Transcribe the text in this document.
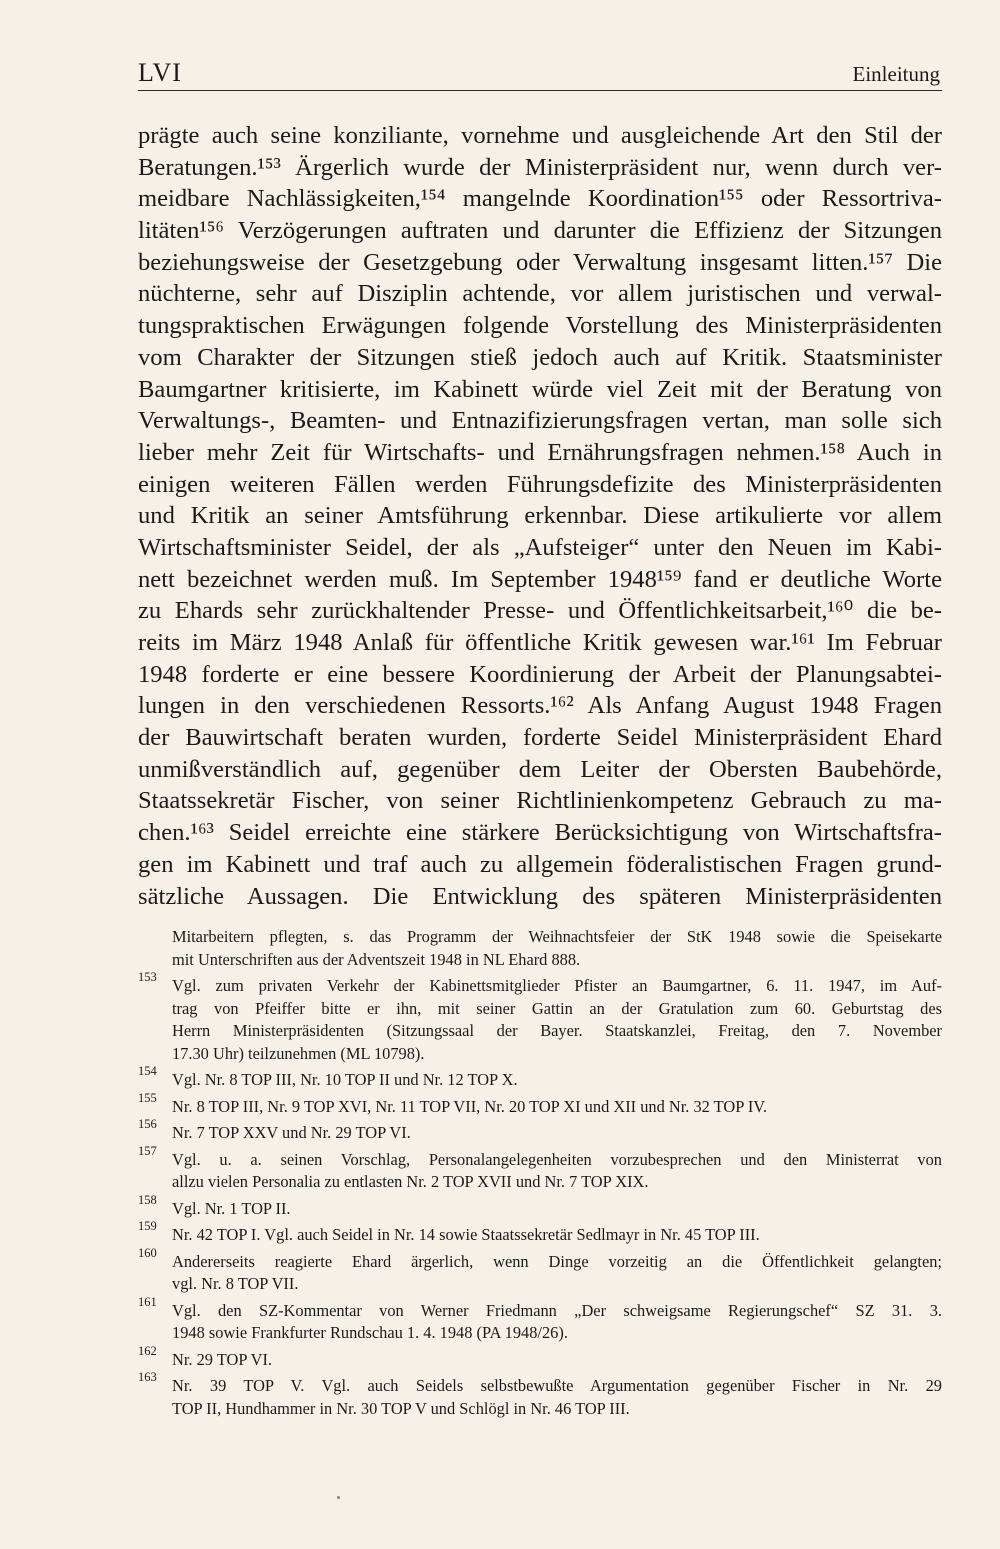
LVI	Einleitung
prägte auch seine konziliante, vornehme und ausgleichende Art den Stil der
Beratungen.¹⁵³ Ärgerlich wurde der Ministerpräsident nur, wenn durch ver-
meidbare Nachlässigkeiten,¹⁵⁴ mangelnde Koordination¹⁵⁵ oder Ressortriva-
litäten¹⁵⁶ Verzögerungen auftraten und darunter die Effizienz der Sitzungen
beziehungsweise der Gesetzgebung oder Verwaltung insgesamt litten.¹⁵⁷ Die
nüchterne, sehr auf Disziplin achtende, vor allem juristischen und verwal-
tungspraktischen Erwägungen folgende Vorstellung des Ministerpräsidenten
vom Charakter der Sitzungen stieß jedoch auch auf Kritik. Staatsminister
Baumgartner kritisierte, im Kabinett würde viel Zeit mit der Beratung von
Verwaltungs-, Beamten- und Entnazifizierungsfragen vertan, man solle sich
lieber mehr Zeit für Wirtschafts- und Ernährungsfragen nehmen.¹⁵⁸ Auch in
einigen weiteren Fällen werden Führungsdefizite des Ministerpräsidenten
und Kritik an seiner Amtsführung erkennbar. Diese artikulierte vor allem
Wirtschaftsminister Seidel, der als „Aufsteiger“ unter den Neuen im Kabi-
nett bezeichnet werden muß. Im September 1948¹⁵⁹ fand er deutliche Worte
zu Ehards sehr zurückhaltender Presse- und Öffentlichkeitsarbeit,¹⁶⁰ die be-
reits im März 1948 Anlaß für öffentliche Kritik gewesen war.¹⁶¹ Im Februar
1948 forderte er eine bessere Koordinierung der Arbeit der Planungsabtei-
lungen in den verschiedenen Ressorts.¹⁶² Als Anfang August 1948 Fragen
der Bauwirtschaft beraten wurden, forderte Seidel Ministerpräsident Ehard
unmißverständlich auf, gegenüber dem Leiter der Obersten Baubehörde,
Staatssekretär Fischer, von seiner Richtlinienkompetenz Gebrauch zu ma-
chen.¹⁶³ Seidel erreichte eine stärkere Berücksichtigung von Wirtschaftsfra-
gen im Kabinett und traf auch zu allgemein föderalistischen Fragen grund-
sätzliche Aussagen. Die Entwicklung des späteren Ministerpräsidenten
Mitarbeitern pflegten, s. das Programm der Weihnachtsfeier der StK 1948 sowie die Speisekarte
mit Unterschriften aus der Adventszeit 1948 in NL Ehard 888.
153 Vgl. zum privaten Verkehr der Kabinettsmitglieder Pfister an Baumgartner, 6. 11. 1947, im Auf-
trag von Pfeiffer bitte er ihn, mit seiner Gattin an der Gratulation zum 60. Geburtstag des
Herrn Ministerpräsidenten (Sitzungssaal der Bayer. Staatskanzlei, Freitag, den 7. November
17.30 Uhr) teilzunehmen (ML 10798).
154 Vgl. Nr. 8 TOP III, Nr. 10 TOP II und Nr. 12 TOP X.
155 Nr. 8 TOP III, Nr. 9 TOP XVI, Nr. 11 TOP VII, Nr. 20 TOP XI und XII und Nr. 32 TOP IV.
156 Nr. 7 TOP XXV und Nr. 29 TOP VI.
157 Vgl. u. a. seinen Vorschlag, Personalangelegenheiten vorzubesprechen und den Ministerrat von
allzu vielen Personalia zu entlasten Nr. 2 TOP XVII und Nr. 7 TOP XIX.
158 Vgl. Nr. 1 TOP II.
159 Nr. 42 TOP I. Vgl. auch Seidel in Nr. 14 sowie Staatssekretär Sedlmayr in Nr. 45 TOP III.
160 Andererseits reagierte Ehard ärgerlich, wenn Dinge vorzeitig an die Öffentlichkeit gelangten;
vgl. Nr. 8 TOP VII.
161 Vgl. den SZ-Kommentar von Werner Friedmann „Der schweigsame Regierungschef“ SZ 31. 3.
1948 sowie Frankfurter Rundschau 1. 4. 1948 (PA 1948/26).
162 Nr. 29 TOP VI.
163 Nr. 39 TOP V. Vgl. auch Seidels selbstbewußte Argumentation gegenüber Fischer in Nr. 29
TOP II, Hundhammer in Nr. 30 TOP V und Schlögl in Nr. 46 TOP III.
